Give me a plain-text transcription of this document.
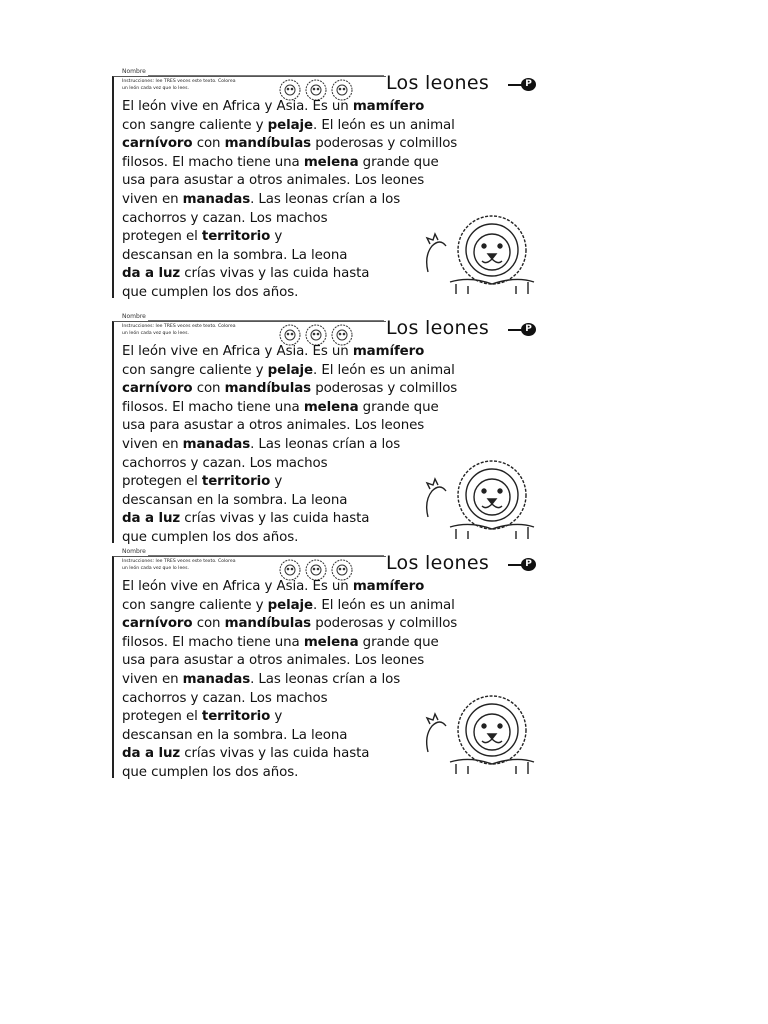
Nombre
Instrucciones: lee TRES veces este texto. Colorea
un león cada vez que lo lees.	Los leones	P
El león vive en Africa y Asia. Es un mamífero
con sangre caliente y pelaje. El león es un animal
carnívoro con mandíbulas poderosas y colmillos
filosos. El macho tiene una melena grande que
usa para asustar a otros animales. Los leones
viven en manadas. Las leonas crían a los
cachorros y cazan. Los machos
protegen el territorio y
descansan en la sombra. La leona
da a luz crías vivas y las cuida hasta
que cumplen los dos años.
Nombre
Instrucciones: lee TRES veces este texto. Colorea
un león cada vez que lo lees.	Los leones	P
El león vive en Africa y Asia. Es un mamífero
con sangre caliente y pelaje. El león es un animal
carnívoro con mandíbulas poderosas y colmillos
filosos. El macho tiene una melena grande que
usa para asustar a otros animales. Los leones
viven en manadas. Las leonas crían a los
cachorros y cazan. Los machos
protegen el territorio y
descansan en la sombra. La leona
da a luz crías vivas y las cuida hasta
que cumplen los dos años.
Nombre
Instrucciones: lee TRES veces este texto. Colorea
un león cada vez que lo lees.	Los leones	P
El león vive en Africa y Asia. Es un mamífero
con sangre caliente y pelaje. El león es un animal
carnívoro con mandíbulas poderosas y colmillos
filosos. El macho tiene una melena grande que
usa para asustar a otros animales. Los leones
viven en manadas. Las leonas crían a los
cachorros y cazan. Los machos
protegen el territorio y
descansan en la sombra. La leona
da a luz crías vivas y las cuida hasta
que cumplen los dos años.
